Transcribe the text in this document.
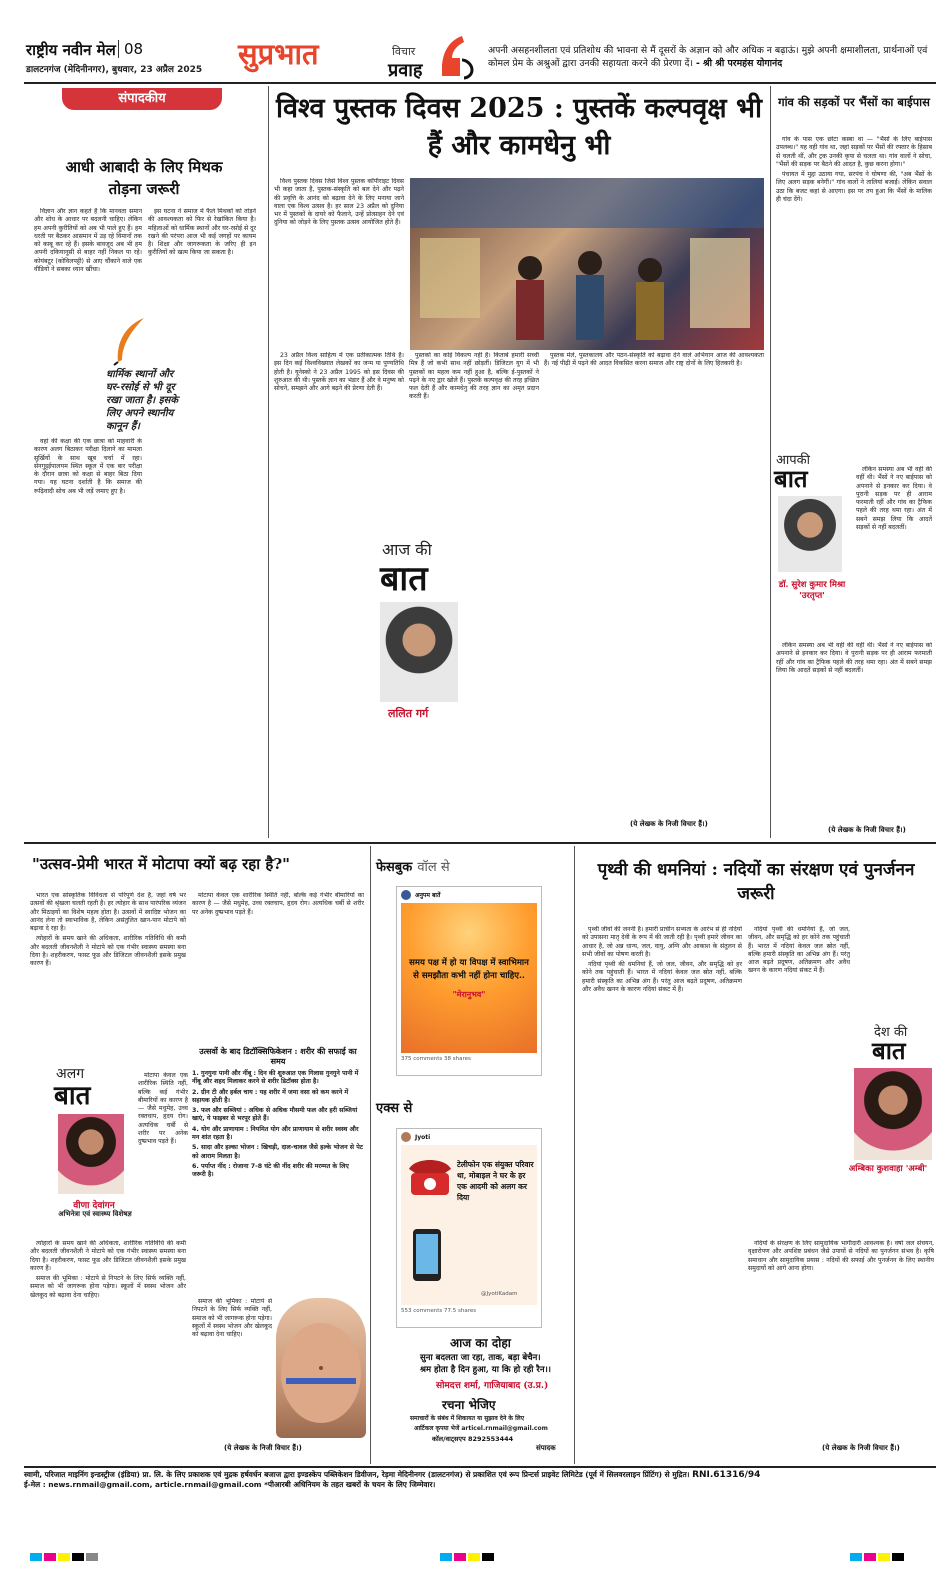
राष्ट्रीय नवीन मेल 08
डालटनगंज (मेदिनीनगर), बुधवार, 23 अप्रैल 2025 सुप्रभात	विचार
प्रवाह
अपनी असहनशीलता एवं प्रतिशोध की भावना से मैं दूसरों के अज्ञान को और अधिक न बढ़ाऊं। मुझे अपनी क्षमाशीलता, प्रार्थनाओं एवं कोमल प्रेम के अश्रुओं द्वारा उनकी सहायता करने की प्रेरणा दें। - श्री श्री परमहंस योगानंद
संपादकीय
आधी आबादी के लिए मिथक तोड़ना जरूरी

विज्ञान और ज्ञान कहते हैं कि मानवता समान और शोध के आधार पर बदलनी चाहिए। लेकिन हम अपनी कुरीतियों को अब भी पाले हुए हैं। हम धरती पर बैठकर आसमान में उड़ रहे विमानों तक को काबू कर रहे हैं। इसके बावजूद अब भी हम अपनी दकियानूसी से बाहर नहीं निकल पा रहे। कोयंबटूर (कोविलपट्टी) से आए चौंकाने वाले एक वीडियो ने सबका ध्यान खींचा।

वहां की कक्षा की एक छात्रा को माहवारी के कारण अलग बिठाकर परीक्षा दिलाने का मामला सुर्खियों के साथ खूब चर्चा में रहा। सेनगुट्टईपालयम स्थित स्कूल में एक बार परीक्षा के दौरान छात्रा को कक्षा से बाहर बिठा दिया गया। यह घटना दर्शाती है कि समाज की रूढ़िवादी सोच अब भी जड़ें जमाए हुए है।

धार्मिक स्थानों और घर-रसोई से भी दूर रखा जाता है। इसके लिए अपने स्थानीय कानून हैं।

इस घटना ने समाज में फैले मिथकों को तोड़ने की आवश्यकता को फिर से रेखांकित किया है। महिलाओं को धार्मिक स्थानों और घर-रसोई से दूर रखने की परंपरा आज भी कई जगहों पर कायम है। शिक्षा और जागरूकता के जरिए ही इन कुरीतियों को खत्म किया जा सकता है।

विश्व पुस्तक दिवस 2025 : पुस्तकें कल्पवृक्ष भी हैं और कामधेनु भी

विश्व पुस्तक दिवस जिसे विश्व पुस्तक कॉपीराइट दिवस भी कहा जाता है, पुस्तक-संस्कृति को बल देने और पढ़ने की प्रवृत्ति के आनंद को बढ़ावा देने के लिए मनाया जाने वाला एक विश्व उत्सव है। हर साल 23 अप्रैल को दुनिया भर में पुस्तकों के दायरे को फैलाने, उन्हें प्रोत्साहन देने एवं दुनिया को जोड़ने के लिए पुस्तक उत्सव आयोजित होते हैं।

23 अप्रैल विश्व साहित्य में एक प्रतीकात्मक तिथि है। इस दिन कई विश्वविख्यात लेखकों का जन्म या पुण्यतिथि होती है। यूनेस्को ने 23 अप्रैल 1995 को इस दिवस की शुरुआत की थी। पुस्तकें ज्ञान का भंडार हैं और वे मनुष्य को सोचने, समझने और आगे बढ़ने की प्रेरणा देती हैं।

पुस्तकों का कोई विकल्प नहीं है। किताबें हमारी सच्ची मित्र हैं जो कभी साथ नहीं छोड़तीं। डिजिटल युग में भी पुस्तकों का महत्व कम नहीं हुआ है, बल्कि ई-पुस्तकों ने पढ़ने के नए द्वार खोले हैं। पुस्तकें कल्पवृक्ष की तरह इच्छित फल देती हैं और कामधेनु की तरह ज्ञान का अमृत प्रदान करती हैं।

आज की
बात
ललित गर्ग

पुस्तक मेले, पुस्तकालय और पठन-संस्कृति को बढ़ावा देने वाले अभियान आज की आवश्यकता हैं। नई पीढ़ी में पढ़ने की आदत विकसित करना समाज और राष्ट्र दोनों के लिए हितकारी है।

(ये लेखक के निजी विचार हैं।)
गांव की सड़कों पर भैंसों का बाईपास

गांव के पास एक छोटा कस्बा था — "भैंसों के लिए बाईपास उपलब्ध।" यह वही गांव था, जहां सड़कों पर भैंसों की रफ्तार के हिसाब से चलती थीं, और ट्रक उनकी कृपा से चलता था। गांव वालों ने सोचा, "भैंसों की सड़क पर बैठने की आदत है, कुछ करना होगा।"

पंचायत में मुद्दा उठाया गया, सरपंच ने घोषणा की, "अब भैंसों के लिए अलग सड़क बनेगी।" गांव वालों ने तालियां बजाईं। लेकिन सवाल उठा कि बजट कहां से आएगा। इस पर तय हुआ कि भैंसों के मालिक ही चंदा देंगे।

आपकी
बात
डॉ. सुरेश कुमार मिश्रा 'उरतृप्त'

लेकिन समस्या अब भी वहीं की वहीं थी। भैंसों ने नए बाईपास को अपनाने से इनकार कर दिया। वे पुरानी सड़क पर ही आराम फरमाती रहीं और गांव का ट्रैफिक पहले की तरह थमा रहा। अंत में सबने समझ लिया कि आदतें सड़कों से नहीं बदलतीं।

लेकिन समस्या अब भी वहीं की वहीं थी। भैंसों ने नए बाईपास को अपनाने से इनकार कर दिया। वे पुरानी सड़क पर ही आराम फरमाती रहीं और गांव का ट्रैफिक पहले की तरह थमा रहा। अंत में सबने समझ लिया कि आदतें सड़कों से नहीं बदलतीं।

(ये लेखक के निजी विचार हैं।)
"उत्सव-प्रेमी भारत में मोटापा क्यों बढ़ रहा है?"

भारत एक सांस्कृतिक विविधता से परिपूर्ण देश है, जहां वर्ष भर उत्सवों की श्रृंखला चलती रहती है। हर त्योहार के साथ पारंपरिक व्यंजन और मिठाइयों का विशेष महत्व होता है। उत्सवों में स्वादिष्ट भोजन का आनंद लेना तो स्वाभाविक है, लेकिन असंतुलित खान-पान मोटापे को बढ़ावा दे रहा है।

त्योहारों के समय खाने की अधिकता, शारीरिक गतिविधि की कमी और बदलती जीवनशैली ने मोटापे को एक गंभीर स्वास्थ्य समस्या बना दिया है। शहरीकरण, फास्ट फूड और डिजिटल जीवनशैली इसके प्रमुख कारण हैं।

अलग
बात
वीणा देवांगन
अभिनेत्रा एवं स्वास्थ्य विशेषज्ञ

मोटापा केवल एक शारीरिक स्थिति नहीं, बल्कि कई गंभीर बीमारियों का कारण है — जैसे मधुमेह, उच्च रक्तचाप, हृदय रोग। अत्यधिक चर्बी से शरीर पर अनेक दुष्प्रभाव पड़ते हैं।

त्योहारों के समय खाने की अधिकता, शारीरिक गतिविधि की कमी और बदलती जीवनशैली ने मोटापे को एक गंभीर स्वास्थ्य समस्या बना दिया है। शहरीकरण, फास्ट फूड और डिजिटल जीवनशैली इसके प्रमुख कारण हैं।

समाज की भूमिका : मोटापे से निपटने के लिए सिर्फ व्यक्ति नहीं, समाज को भी जागरूक होना पड़ेगा। स्कूलों में स्वस्थ भोजन और खेलकूद को बढ़ावा देना चाहिए।

मोटापा केवल एक शारीरिक स्थिति नहीं, बल्कि कई गंभीर बीमारियों का कारण है — जैसे मधुमेह, उच्च रक्तचाप, हृदय रोग। अत्यधिक चर्बी से शरीर पर अनेक दुष्प्रभाव पड़ते हैं।

उत्सवों के बाद डिटॉक्सिफिकेशन : शरीर की सफाई का समय
1. गुनगुना पानी और नींबू : दिन की शुरुआत एक गिलास गुनगुने पानी में नींबू और शहद मिलाकर करने से शरीर डिटॉक्स होता है।
2. ग्रीन टी और हर्बल चाय : यह शरीर में जमा वसा को कम करने में सहायक होती है।
3. फल और सब्जियां : अधिक से अधिक मौसमी फल और हरी सब्जियां खाएं, ये फाइबर से भरपूर होते हैं।
4. योग और प्राणायाम : नियमित योग और प्राणायाम से शरीर स्वस्थ और मन शांत रहता है।
5. सादा और हल्का भोजन : खिचड़ी, दाल-चावल जैसे हल्के भोजन से पेट को आराम मिलता है।
6. पर्याप्त नींद : रोजाना 7-8 घंटे की नींद शरीर की मरम्मत के लिए जरूरी है।

समाज की भूमिका : मोटापे से निपटने के लिए सिर्फ व्यक्ति नहीं, समाज को भी जागरूक होना पड़ेगा। स्कूलों में स्वस्थ भोजन और खेलकूद को बढ़ावा देना चाहिए।

(ये लेखक के निजी विचार हैं।)
फेसबुक वॉल से
अनुपम बातें
समय पक्ष में हो या विपक्ष में स्वाभिमान से समझौता कभी नहीं होना चाहिए..
"मेरानुभव"
375 comments 38 shares
एक्स से
Jyoti
टेलीफोन एक संयुक्त परिवार था, मोबाइल ने घर के हर एक आदमी को अलग कर दिया
@JyotiKadam
553 comments 77.5 shares
आज का दोहा
सुना बदलता जा रहा, ताक, बड़ा बेचैन।
श्रम होता है दिन हुआ, या कि हो रही रैन।।
सोमदत्त शर्मा, गाजियाबाद (उ.प्र.)
रचना भेजिए
समाचारों के संबंध में शिकायत या सुझाव देने के लिए
आर्टिकल कृपया भेजें articel.rnmail@gmail.com
कॉल/वाट्सएप 8292553444
संपादक
पृथ्वी की धमनियां : नदियों का संरक्षण एवं पुनर्जनन जरूरी

पृथ्वी जीवों की जननी है। हमारी प्राचीन सभ्यता के आरंभ से ही नदियों को उपासना मातृ देवी के रूप में की जाती रही है। पृथ्वी हमारे जीवन का आधार है, जो अन्न धान्य, जल, वायु, अग्नि और आकाश के संतुलन से सभी जीवों का पोषण करती है।

नदियां पृथ्वी की धमनियां हैं, जो जल, जीवन, और समृद्धि को हर कोने तक पहुंचाती हैं। भारत में नदियां केवल जल स्रोत नहीं, बल्कि हमारी संस्कृति का अभिन्न अंग हैं। परंतु आज बढ़ते प्रदूषण, अतिक्रमण और अवैध खनन के कारण नदियां संकट में हैं।

नदियां पृथ्वी की धमनियां हैं, जो जल, जीवन, और समृद्धि को हर कोने तक पहुंचाती हैं। भारत में नदियां केवल जल स्रोत नहीं, बल्कि हमारी संस्कृति का अभिन्न अंग हैं। परंतु आज बढ़ते प्रदूषण, अतिक्रमण और अवैध खनन के कारण नदियां संकट में हैं।

देश की
बात
अम्बिका कुशवाहा 'अम्बी'

नदियों के संरक्षण के लिए सामुदायिक भागीदारी आवश्यक है। वर्षा जल संचयन, वृक्षारोपण और अपशिष्ट प्रबंधन जैसे उपायों से नदियों का पुनर्जनन संभव है। कृषि समाधान और सामुदायिक प्रयास : नदियों की सफाई और पुनर्जनन के लिए स्थानीय समुदायों को आगे आना होगा।

(ये लेखक के निजी विचार हैं।)
स्वामी, परिजात माइनिंग इन्डस्ट्रीज (इंडिया) प्रा. लि. के लिए प्रकाशक एवं मुद्रक हर्षवर्धन बजाज द्वारा इण्डस्केप पब्लिकेशन डिवीजन, रेड़मा मेदिनीनगर (डालटनगंज) से प्रकाशित एवं रूप प्रिन्टर्स प्राइवेट लिमिटेड (पूर्व में सिलवरलाइन प्रिंटिंग) से मुद्रित। RNI.61316/94
ई-मेल : news.rnmail@gmail.com, article.rnmail@gmail.com *पीआरबी अधिनियम के तहत खबरों के चयन के लिए जिम्मेवार।
